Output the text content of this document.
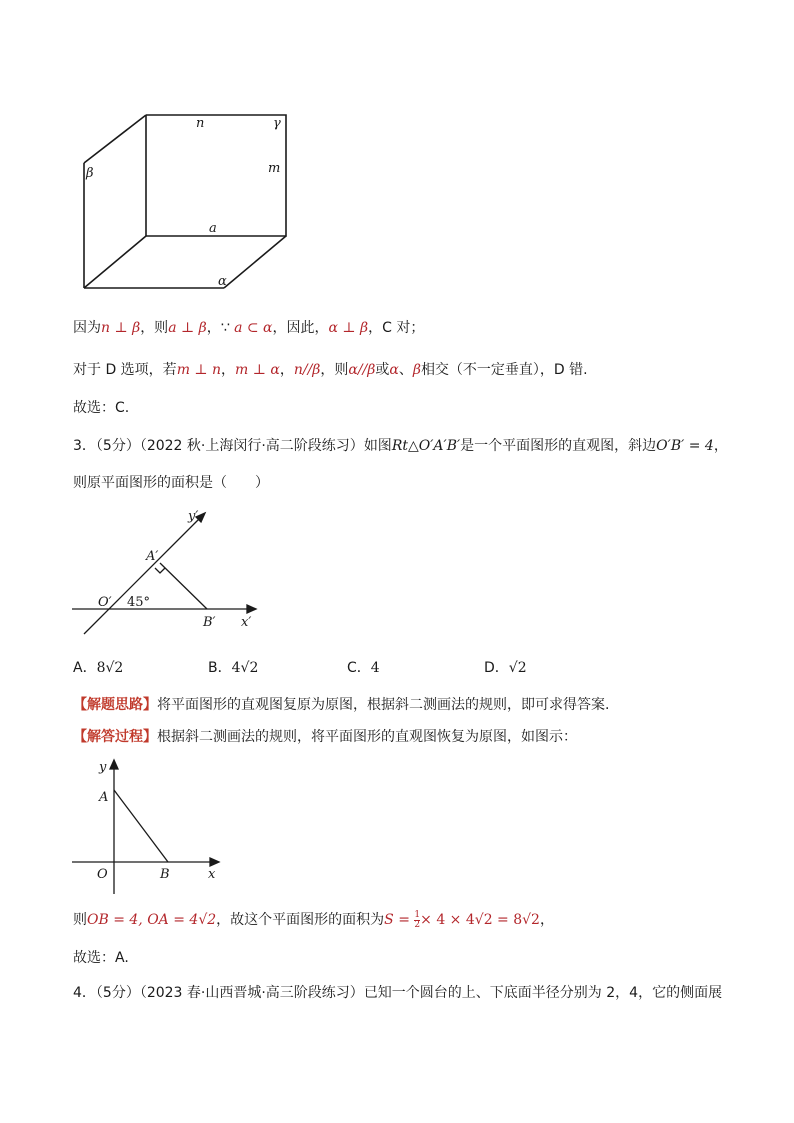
n	γ
m
β
a
α
因为n ⊥ β，则a ⊥ β，∵ a ⊂ α，因此，α ⊥ β，C 对；
对于 D 选项，若m ⊥ n，m ⊥ α，n//β，则α//β或α、β相交（不一定垂直），D 错.
故选：C.
3．（5分）（2022 秋·上海闵行·高二阶段练习）如图Rt△O′A′B′是一个平面图形的直观图，斜边O′B′ = 4，
则原平面图形的面积是（　　）
y′
A′
O′ 45°
B′ x′
A．8√2	B．4√2	C．4	D．√2
【解题思路】将平面图形的直观图复原为原图，根据斜二测画法的规则，即可求得答案.
【解答过程】根据斜二测画法的规则，将平面图形的直观图恢复为原图，如图示：
y
A
O	B	x
则OB = 4, OA = 4√2，故这个平面图形的面积为$S = \frac{1}{2} \times 4 \times 4√2 = 8√2$，
故选：A.
4．（5分）（2023 春·山西晋城·高三阶段练习）已知一个圆台的上、下底面半径分别为 2，4，它的侧面展
